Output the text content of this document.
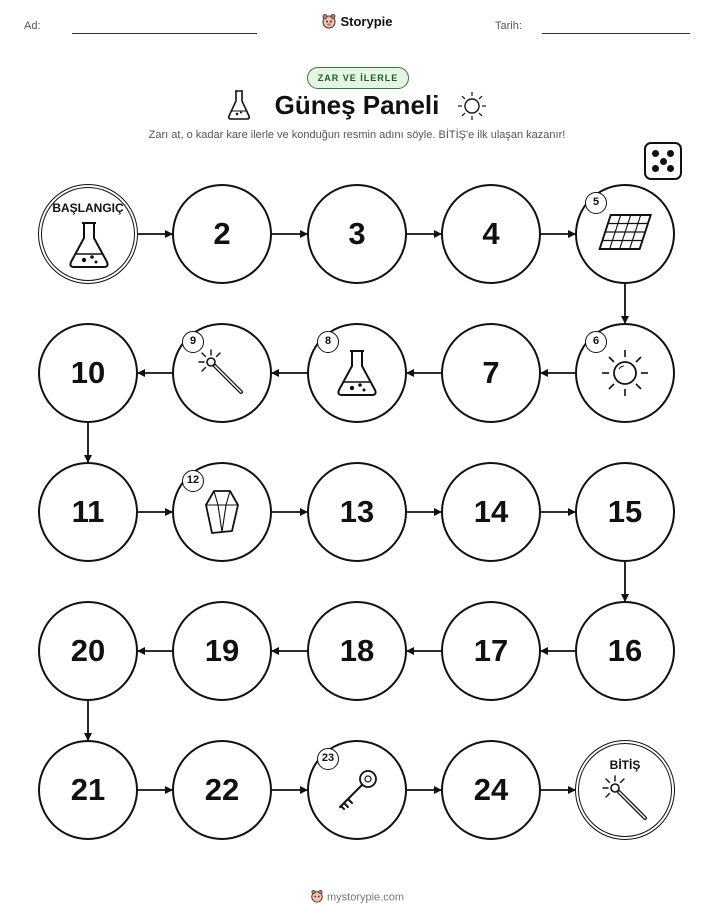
Ad:	Storypie	Tarih:
ZAR VE İLERLE
Güneş Paneli
Zarı at, o kadar kare ilerle ve konduğun resmin adını söyle. BİTİŞ'e ilk ulaşan kazanır!
BAŞLANGIÇ
2	3	4
5
6
7
8
9
10
11
12
13	14	15
16
17
18
19
20
21	22
23
24
BİTİŞ
mystorypie.com
